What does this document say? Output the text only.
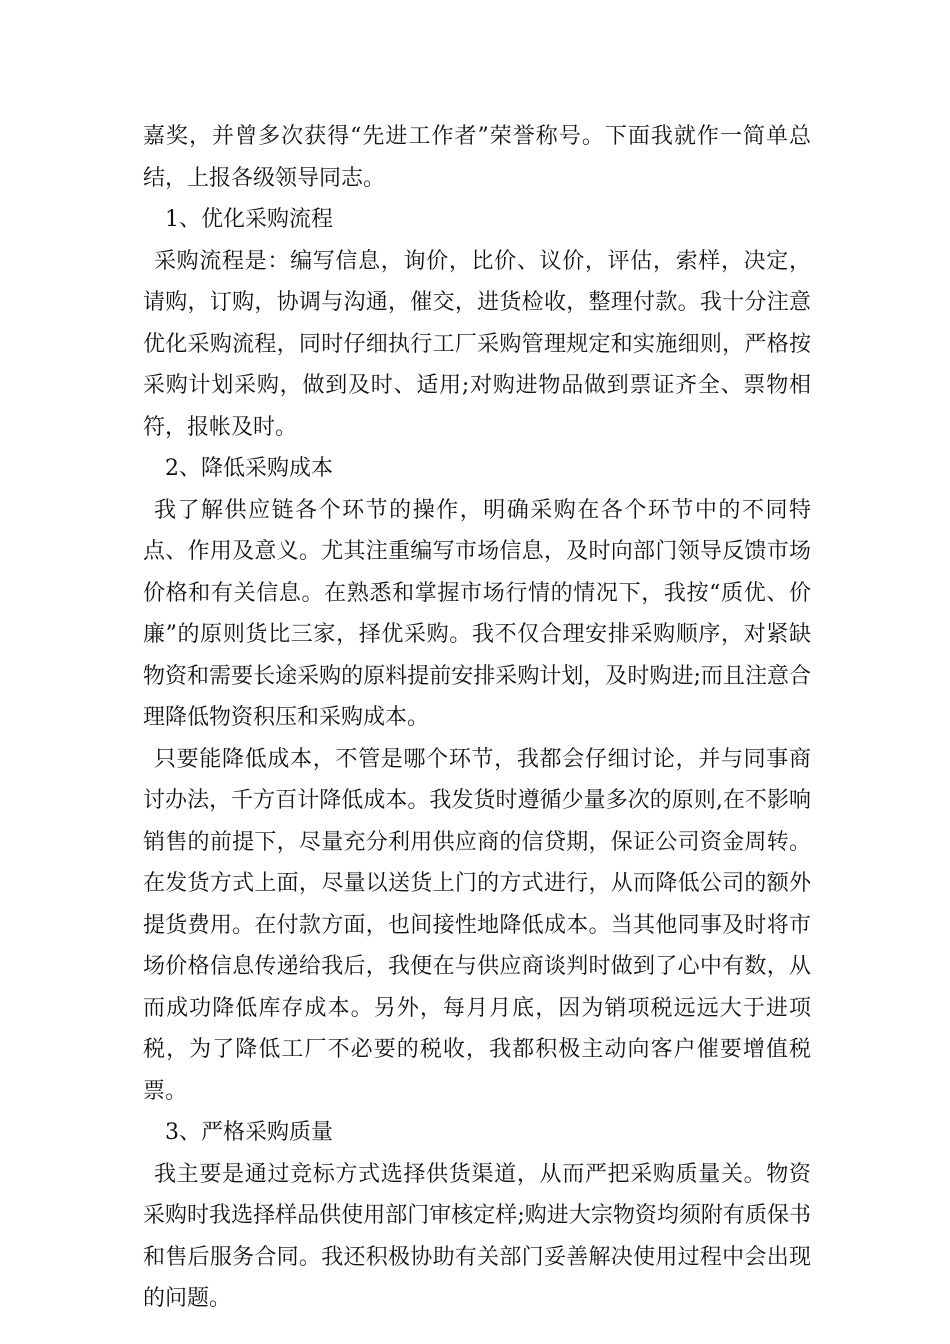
嘉奖，并曾多次获得“先进工作者”荣誉称号。下面我就作一简单总结，上报各级领导同志。

1、优化采购流程

采购流程是：编写信息，询价，比价、议价，评估，索样，决定，请购，订购，协调与沟通，催交，进货检收，整理付款。我十分注意优化采购流程，同时仔细执行工厂采购管理规定和实施细则，严格按采购计划采购，做到及时、适用;对购进物品做到票证齐全、票物相符，报帐及时。

2、降低采购成本

我了解供应链各个环节的操作，明确采购在各个环节中的不同特点、作用及意义。尤其注重编写市场信息，及时向部门领导反馈市场价格和有关信息。在熟悉和掌握市场行情的情况下，我按“质优、价廉”的原则货比三家，择优采购。我不仅合理安排采购顺序，对紧缺物资和需要长途采购的原料提前安排采购计划，及时购进;而且注意合理降低物资积压和采购成本。

只要能降低成本，不管是哪个环节，我都会仔细讨论，并与同事商讨办法，千方百计降低成本。我发货时遵循少量多次的原则,在不影响销售的前提下，尽量充分利用供应商的信贷期，保证公司资金周转。在发货方式上面，尽量以送货上门的方式进行，从而降低公司的额外提货费用。在付款方面，也间接性地降低成本。当其他同事及时将市场价格信息传递给我后，我便在与供应商谈判时做到了心中有数，从而成功降低库存成本。另外，每月月底，因为销项税远远大于进项税，为了降低工厂不必要的税收，我都积极主动向客户催要增值税票。

3、严格采购质量

我主要是通过竞标方式选择供货渠道，从而严把采购质量关。物资采购时我选择样品供使用部门审核定样;购进大宗物资均须附有质保书和售后服务合同。我还积极协助有关部门妥善解决使用过程中会出现的问题。
